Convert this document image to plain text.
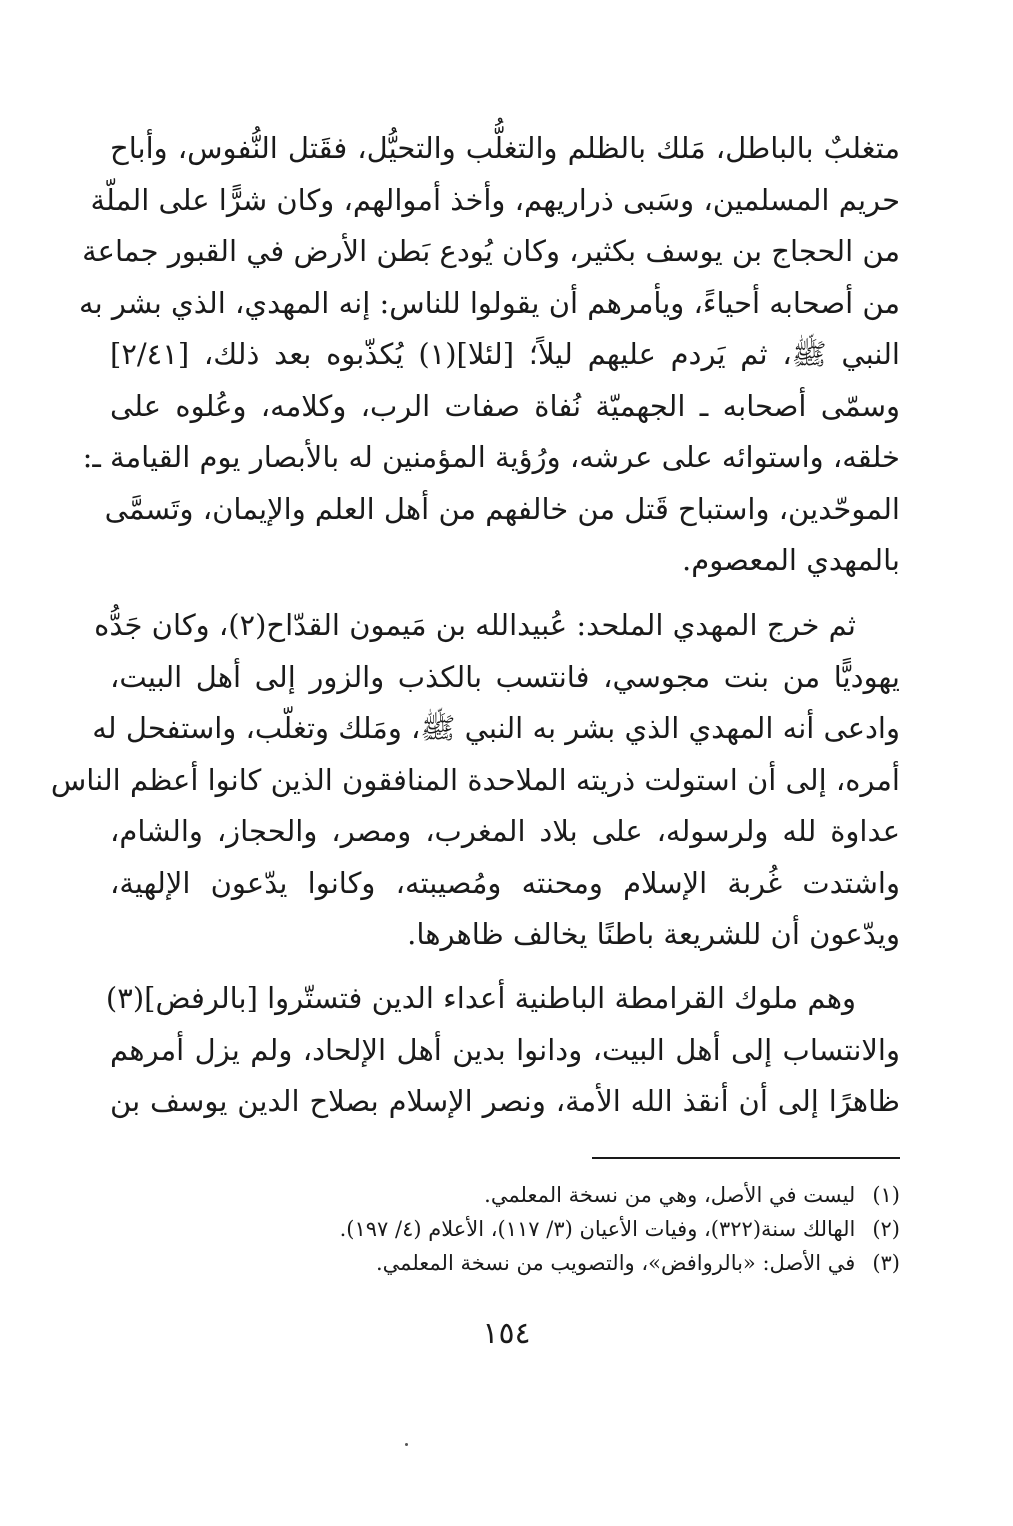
متغلبٌ بالباطل، مَلك بالظلم والتغلُّب والتحيُّل، فقَتل النُّفوس، وأباح
حريم المسلمين، وسَبى ذراريهم، وأخذ أموالهم، وكان شرًّا على الملّة
من الحجاج بن يوسف بكثير، وكان يُودع بَطن الأرض في القبور جماعة
من أصحابه أحياءً، ويأمرهم أن يقولوا للناس: إنه المهدي، الذي بشر به
النبي ﷺ، ثم يَردم عليهم ليلاً؛ [لئلا](١) يُكذّبوه بعد ذلك، [٢/٤١]
وسمّى أصحابه ـ الجهميّة نُفاة صفات الرب، وكلامه، وعُلوه على
خلقه، واستوائه على عرشه، ورُؤية المؤمنين له بالأبصار يوم القيامة ـ:
الموحّدين، واستباح قَتل من خالفهم من أهل العلم والإيمان، وتَسمَّى
بالمهدي المعصوم.
ثم خرج المهدي الملحد: عُبيدالله بن مَيمون القدّاح(٢)، وكان جَدُّه
يهوديًّا من بنت مجوسي، فانتسب بالكذب والزور إلى أهل البيت،
وادعى أنه المهدي الذي بشر به النبي ﷺ، ومَلك وتغلّب، واستفحل له
أمره، إلى أن استولت ذريته الملاحدة المنافقون الذين كانوا أعظم الناس
عداوة لله ولرسوله، على بلاد المغرب، ومصر، والحجاز، والشام،
واشتدت غُربة الإسلام ومحنته ومُصيبته، وكانوا يدّعون الإلهية،
ويدّعون أن للشريعة باطنًا يخالف ظاهرها.
وهم ملوك القرامطة الباطنية أعداء الدين فتستّروا [بالرفض](٣)
والانتساب إلى أهل البيت، ودانوا بدين أهل الإلحاد، ولم يزل أمرهم
ظاهرًا إلى أن أنقذ الله الأمة، ونصر الإسلام بصلاح الدين يوسف بن
(١) ليست في الأصل، وهي من نسخة المعلمي.
(٢) الهالك سنة(٣٢٢)، وفيات الأعيان (٣/ ١١٧)، الأعلام (٤/ ١٩٧).
(٣) في الأصل: «بالروافض»، والتصويب من نسخة المعلمي.
١٥٤
